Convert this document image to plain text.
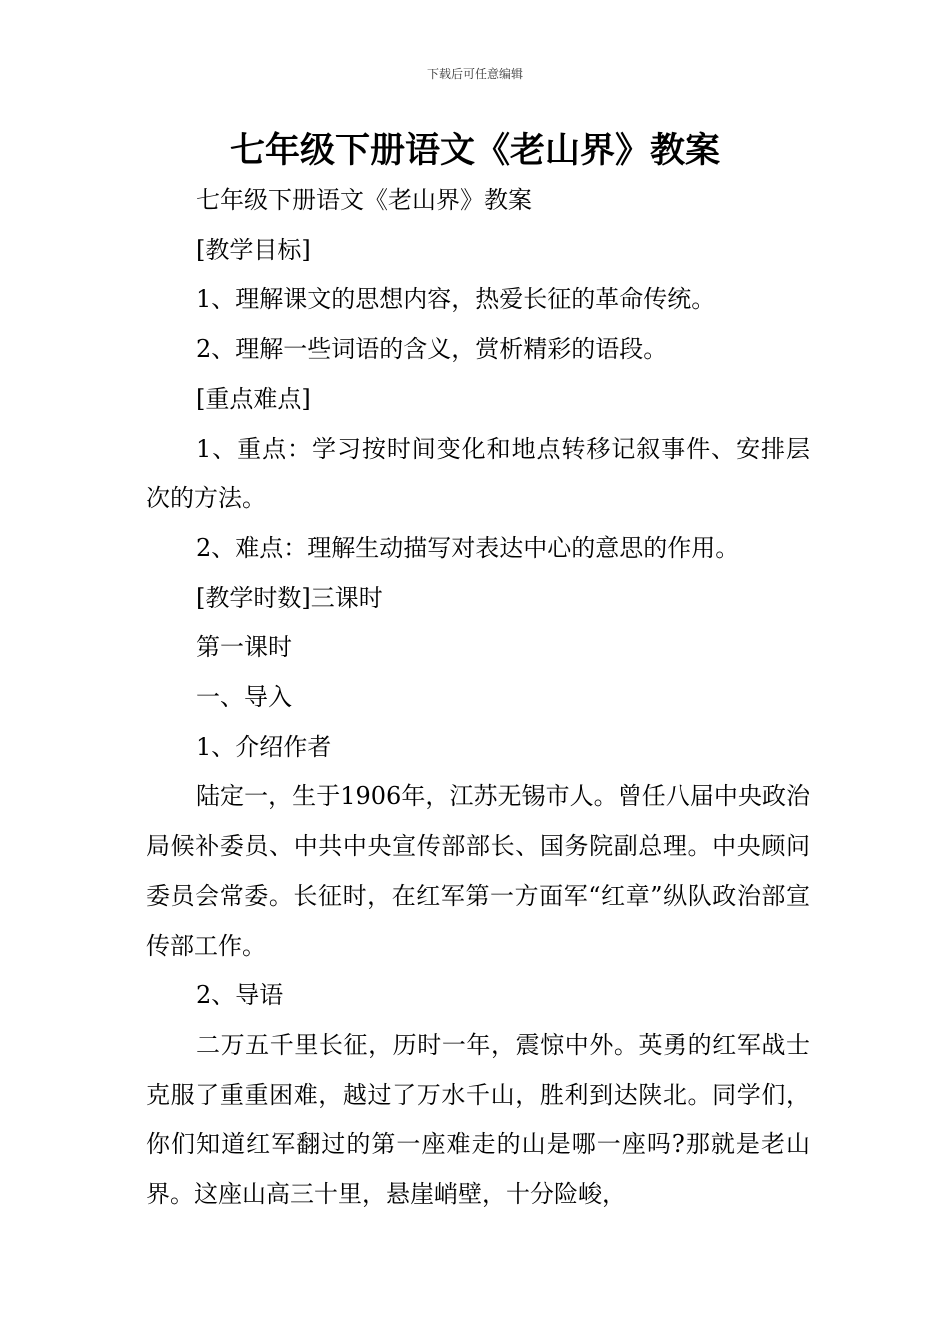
下载后可任意编辑
七年级下册语文《老山界》教案

七年级下册语文《老山界》教案

[教学目标]

1、理解课文的思想内容，热爱长征的革命传统。

2、理解一些词语的含义，赏析精彩的语段。

[重点难点]

1、重点：学习按时间变化和地点转移记叙事件、安排层次的方法。

2、难点：理解生动描写对表达中心的意思的作用。

[教学时数]三课时

第一课时

一、导入

1、介绍作者

陆定一，生于1906年，江苏无锡市人。曾任八届中央政治局候补委员、中共中央宣传部部长、国务院副总理。中央顾问委员会常委。长征时，在红军第一方面军“红章”纵队政治部宣传部工作。

2、导语

二万五千里长征，历时一年，震惊中外。英勇的红军战士克服了重重困难，越过了万水千山，胜利到达陕北。同学们，你们知道红军翻过的第一座难走的山是哪一座吗?那就是老山界。这座山高三十里，悬崖峭壁，十分险峻，
